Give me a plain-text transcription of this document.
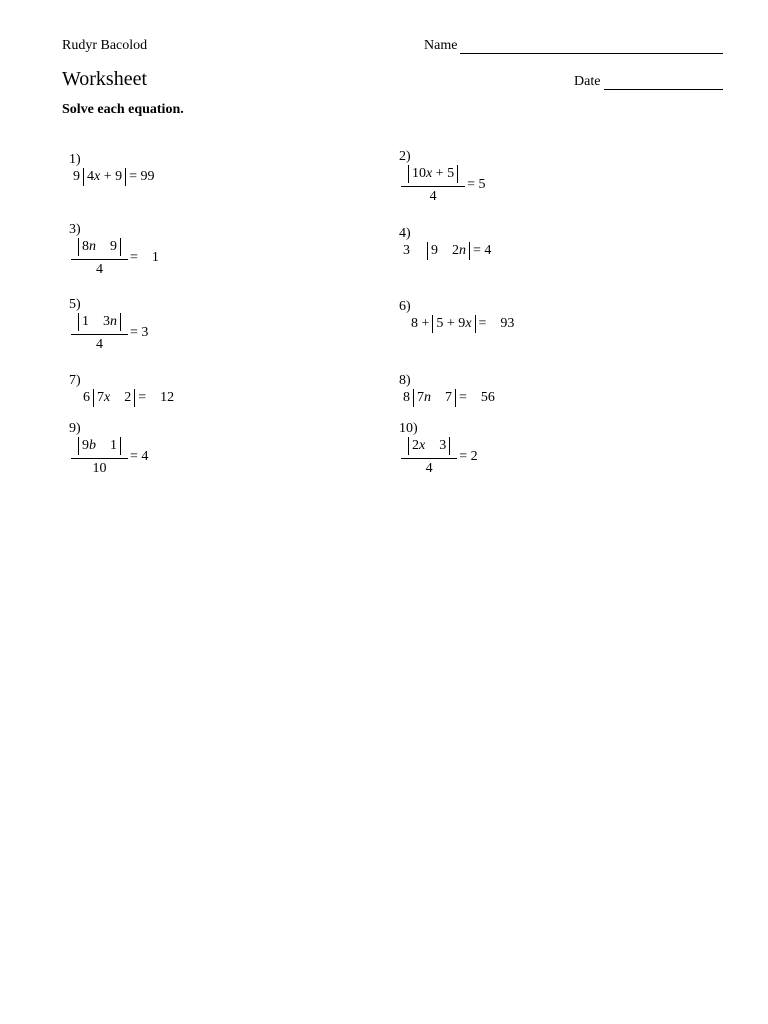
Rudyr Bacolod	Name
Worksheet	Date
Solve each equation.

1)
9 4x + 9 = 99

2)

$\frac{10x + 5}{4} = 5$

3)

$\frac{8n 9}{4}$ =    1

4)
3 9    2n = 4

5)

$\frac{1 3n}{4} = 3$

6)
8 + 5 + 9x =    93

7)
6 7x    2 =    12

8)
8 7n    7 =    56

9)

$\frac{9b 1}{10} = 4$

10)

$\frac{2x 3}{4} = 2$
